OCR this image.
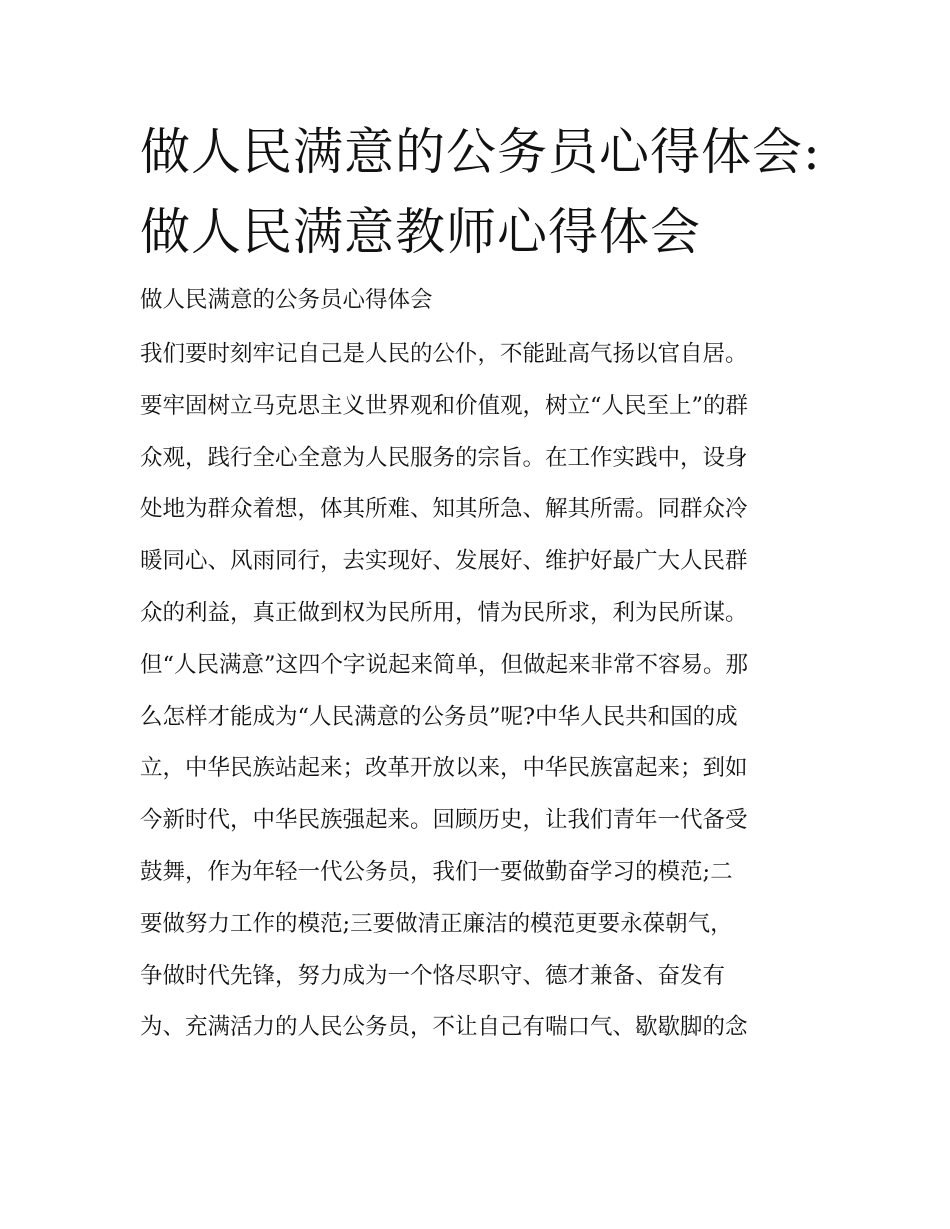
做人民满意的公务员心得体会:
做人民满意教师心得体会
做人民满意的公务员心得体会
我们要时刻牢记自己是人民的公仆，不能趾高气扬以官自居。
要牢固树立马克思主义世界观和价值观，树立“人民至上”的群
众观，践行全心全意为人民服务的宗旨。在工作实践中，设身
处地为群众着想，体其所难、知其所急、解其所需。同群众冷
暖同心、风雨同行，去实现好、发展好、维护好最广大人民群
众的利益，真正做到权为民所用，情为民所求，利为民所谋。
但“人民满意”这四个字说起来简单，但做起来非常不容易。那
么怎样才能成为“人民满意的公务员”呢?中华人民共和国的成
立，中华民族站起来；改革开放以来，中华民族富起来；到如
今新时代，中华民族强起来。回顾历史，让我们青年一代备受
鼓舞，作为年轻一代公务员，我们一要做勤奋学习的模范;二
要做努力工作的模范;三要做清正廉洁的模范更要永葆朝气，
争做时代先锋，努力成为一个恪尽职守、德才兼备、奋发有
为、充满活力的人民公务员，不让自己有喘口气、歇歇脚的念
